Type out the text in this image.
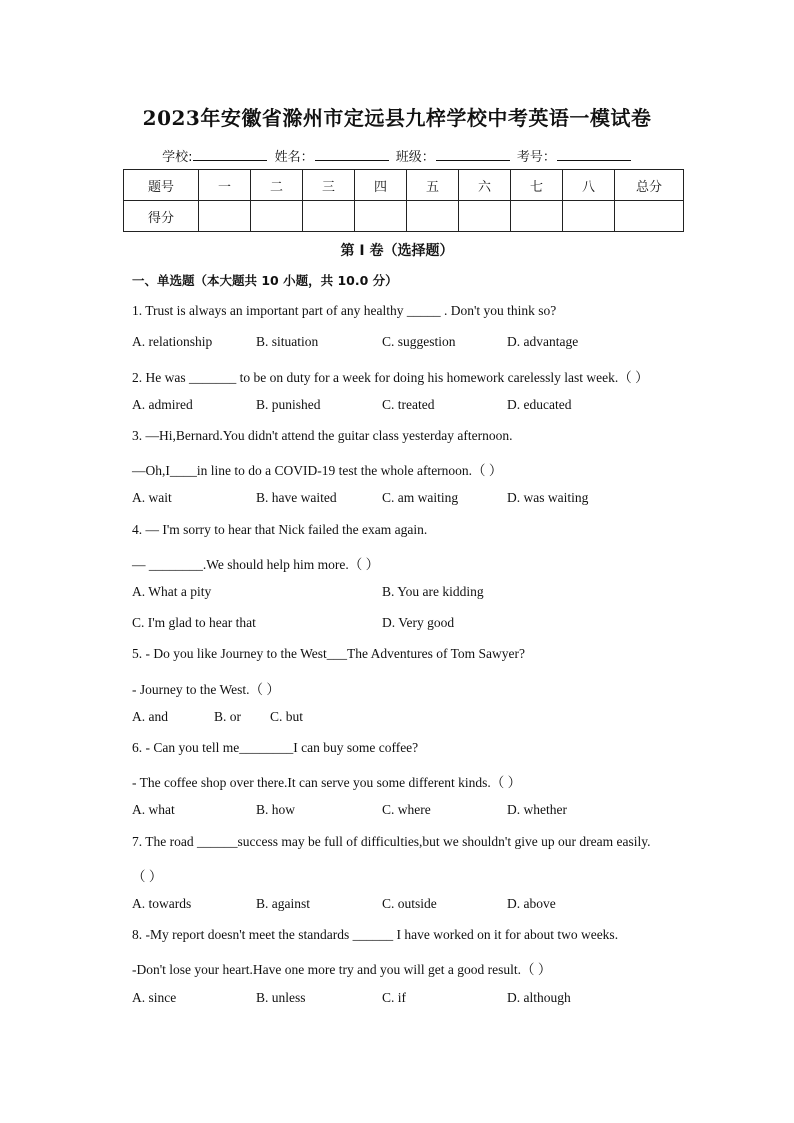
2023年安徽省滁州市定远县九梓学校中考英语一模试卷
学校:	姓名：	班级：	考号：
题号	一	二	三	四	五	六	七	八	总分
得分									
第 I 卷（选择题）
一、单选题（本大题共 10 小题，共 10.0 分）
1. Trust is always an important part of any healthy _____ . Don't you think so?
A. relationship	B. situation	C. suggestion	D. advantage
2. He was _______ to be on duty for a week for doing his homework carelessly last week.（ ）
A. admired	B. punished	C. treated	D. educated
3. —Hi,Bernard.You didn't attend the guitar class yesterday afternoon.
—Oh,I____in line to do a COVID-19 test the whole afternoon.（ ）
A. wait	B. have waited	C. am waiting	D. was waiting
4. — I'm sorry to hear that Nick failed the exam again.
— ________.We should help him more.（ ）
A. What a pity	B. You are kidding
C. I'm glad to hear that	D. Very good
5. - Do you like Journey to the West___The Adventures of Tom Sawyer?
- Journey to the West.（ ）
A. and	B. or C. but
6. - Can you tell me________I can buy some coffee?
- The coffee shop over there.It can serve you some different kinds.（ ）
A. what	B. how	C. where	D. whether
7. The road ______success may be full of difficulties,but we shouldn't give up our dream easily.
（ ）
A. towards	B. against	C. outside	D. above
8. -My report doesn't meet the standards ______ I have worked on it for about two weeks.
-Don't lose your heart.Have one more try and you will get a good result.（ ）
A. since	B. unless	C. if	D. although
